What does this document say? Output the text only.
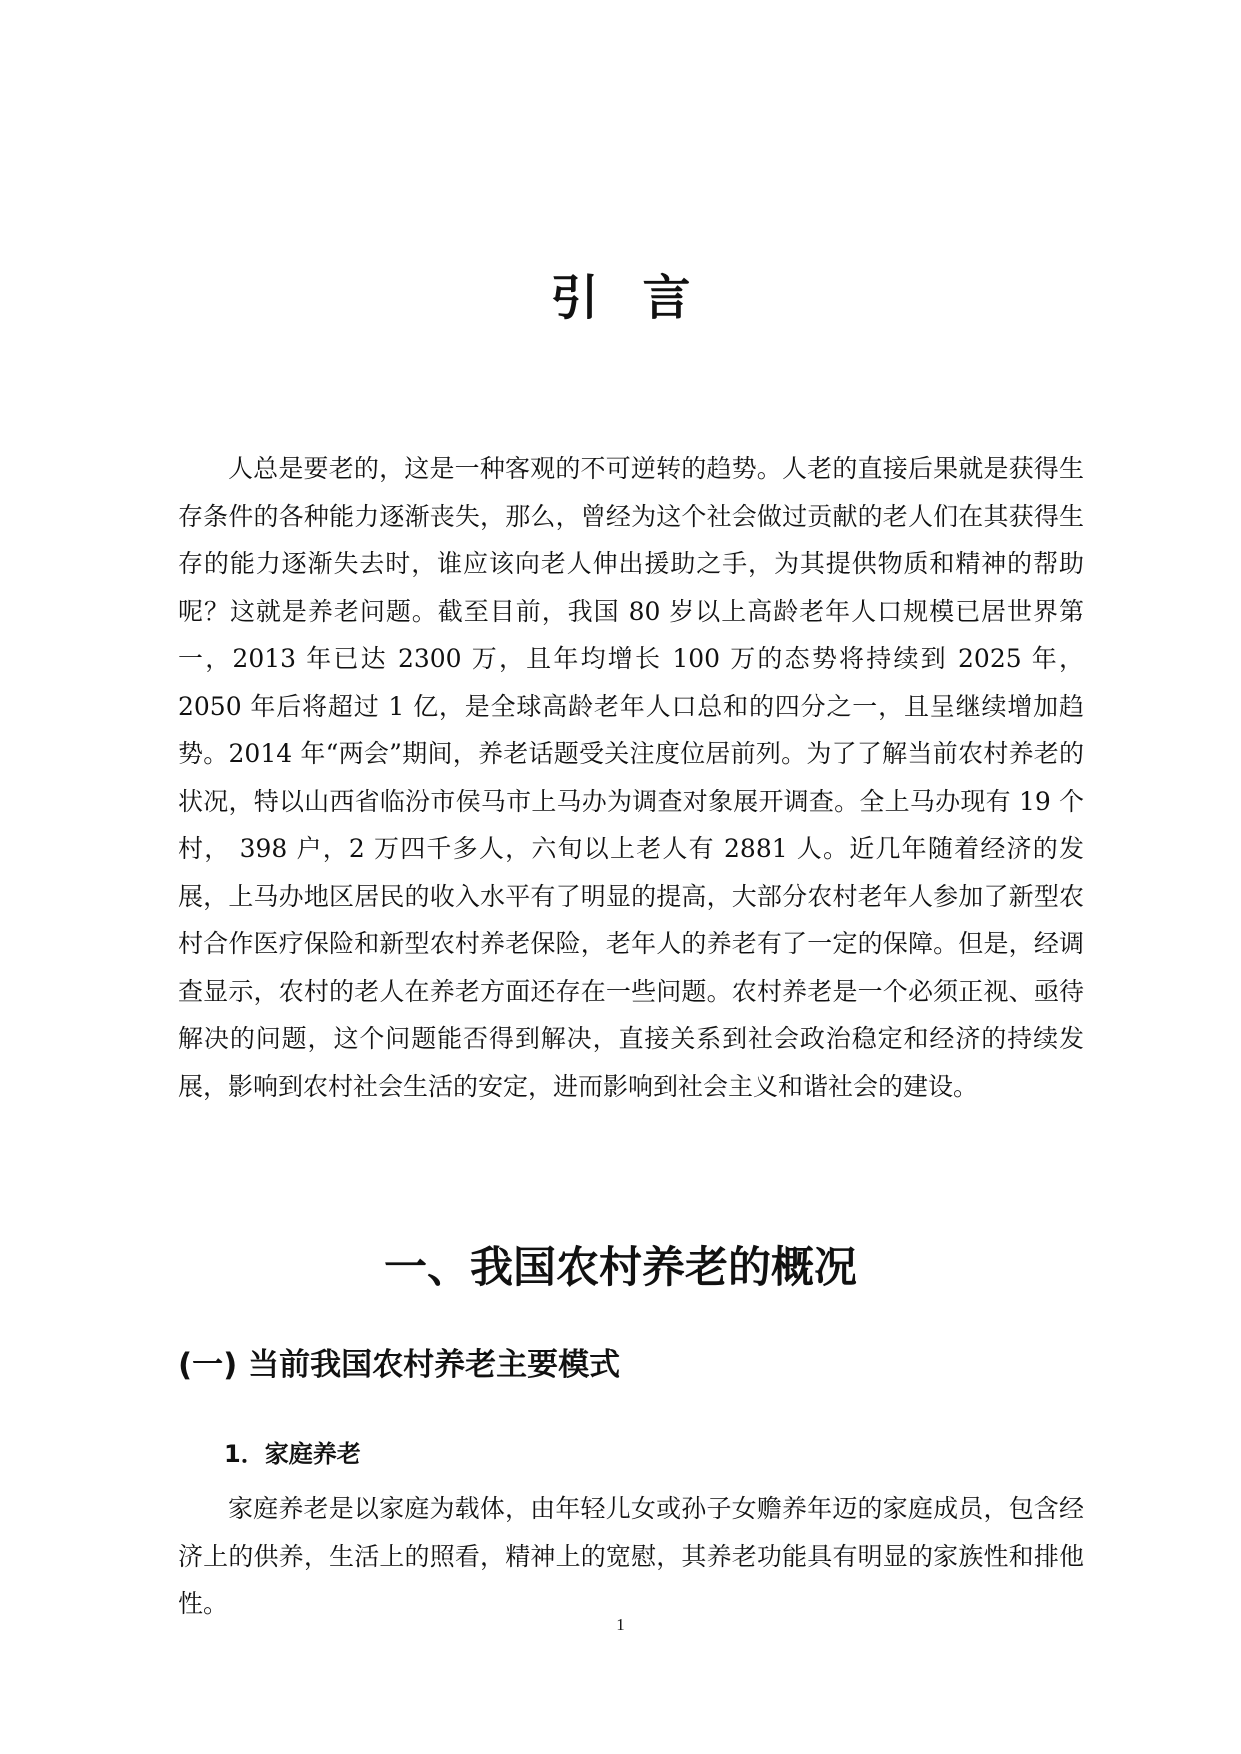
引言

人总是要老的，这是一种客观的不可逆转的趋势。人老的直接后果就是获得生存条件的各种能力逐渐丧失，那么，曾经为这个社会做过贡献的老人们在其获得生存的能力逐渐失去时，谁应该向老人伸出援助之手，为其提供物质和精神的帮助呢？这就是养老问题。截至目前，我国 80 岁以上高龄老年人口规模已居世界第一，2013 年已达 2300 万，且年均增长 100 万的态势将持续到 2025 年，2050 年后将超过 1 亿，是全球高龄老年人口总和的四分之一，且呈继续增加趋势。2014 年“两会”期间，养老话题受关注度位居前列。为了了解当前农村养老的状况，特以山西省临汾市侯马市上马办为调查对象展开调查。全上马办现有 19 个村， 398 户，2 万四千多人，六旬以上老人有 2881 人。近几年随着经济的发展，上马办地区居民的收入水平有了明显的提高，大部分农村老年人参加了新型农村合作医疗保险和新型农村养老保险，老年人的养老有了一定的保障。但是，经调查显示，农村的老人在养老方面还存在一些问题。农村养老是一个必须正视、亟待解决的问题，这个问题能否得到解决，直接关系到社会政治稳定和经济的持续发展，影响到农村社会生活的安定，进而影响到社会主义和谐社会的建设。

一、我国农村养老的概况
(一) 当前我国农村养老主要模式
1．家庭养老

家庭养老是以家庭为载体，由年轻儿女或孙子女赡养年迈的家庭成员，包含经济上的供养，生活上的照看，精神上的宽慰，其养老功能具有明显的家族性和排他性。

1
